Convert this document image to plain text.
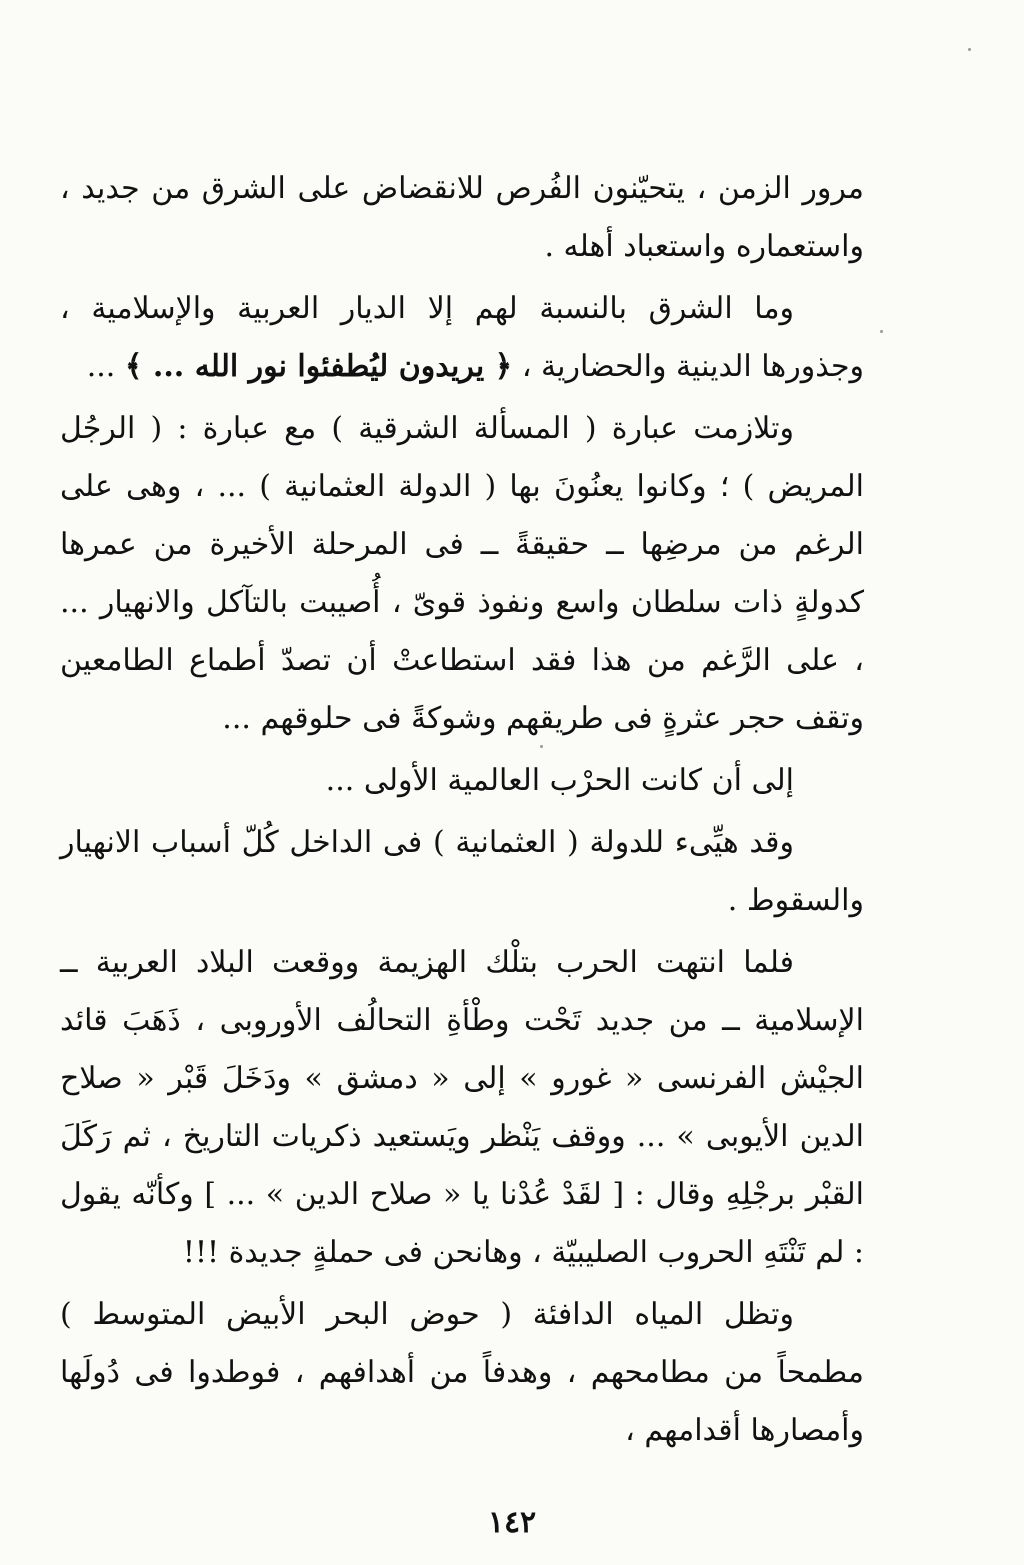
مرور الزمن ، يتحيّنون الفُرص للانقضاض على الشرق من جديد ، واستعماره واستعباد أهله .

وما الشرق بالنسبة لهم إلا الديار العربية والإسلامية ، وجذورها الدينية والحضارية ، ﴿ يريدون ليُطفئوا نور الله ... ﴾ ...

وتلازمت عبارة ( المسألة الشرقية ) مع عبارة : ( الرجُل المريض ) ؛ وكانوا يعنُونَ بها ( الدولة العثمانية ) ... ، وهى على الرغم من مرضِها ــ حقيقةً ــ فى المرحلة الأخيرة من عمرها كدولةٍ ذات سلطان واسع ونفوذ قوىّ ، أُصيبت بالتآكل والانهيار ... ، على الرَّغم من هذا فقد استطاعتْ أن تصدّ أطماع الطامعين وتقف حجر عثرةٍ فى طريقهم وشوكةً فى حلوقهم ...

إلى أن كانت الحرْب العالمية الأولى ...

وقد هيِّىء للدولة ( العثمانية ) فى الداخل كُلّ أسباب الانهيار والسقوط .

فلما انتهت الحرب بتلْك الهزيمة ووقعت البلاد العربية ــ الإسلامية ــ من جديد تَحْت وطْأةِ التحالُف الأوروبى ، ذَهَبَ قائد الجيْش الفرنسى « غورو » إلى « دمشق » ودَخَلَ قَبْر « صلاح الدين الأيوبى » ... ووقف يَنْظر ويَستعيد ذكريات التاريخ ، ثم رَكَلَ القبْر برجْلِهِ وقال : [ لقَدْ عُدْنا يا « صلاح الدين » ... ] وكأنّه يقول : لم تَنْتَهِ الحروب الصليبيّة ، وهانحن فى حملةٍ جديدة !!!

وتظل المياه الدافئة ( حوض البحر الأبيض المتوسط ) مطمحاً من مطامحهم ، وهدفاً من أهدافهم ، فوطدوا فى دُولَها وأمصارها أقدامهم ،

١٤٢
